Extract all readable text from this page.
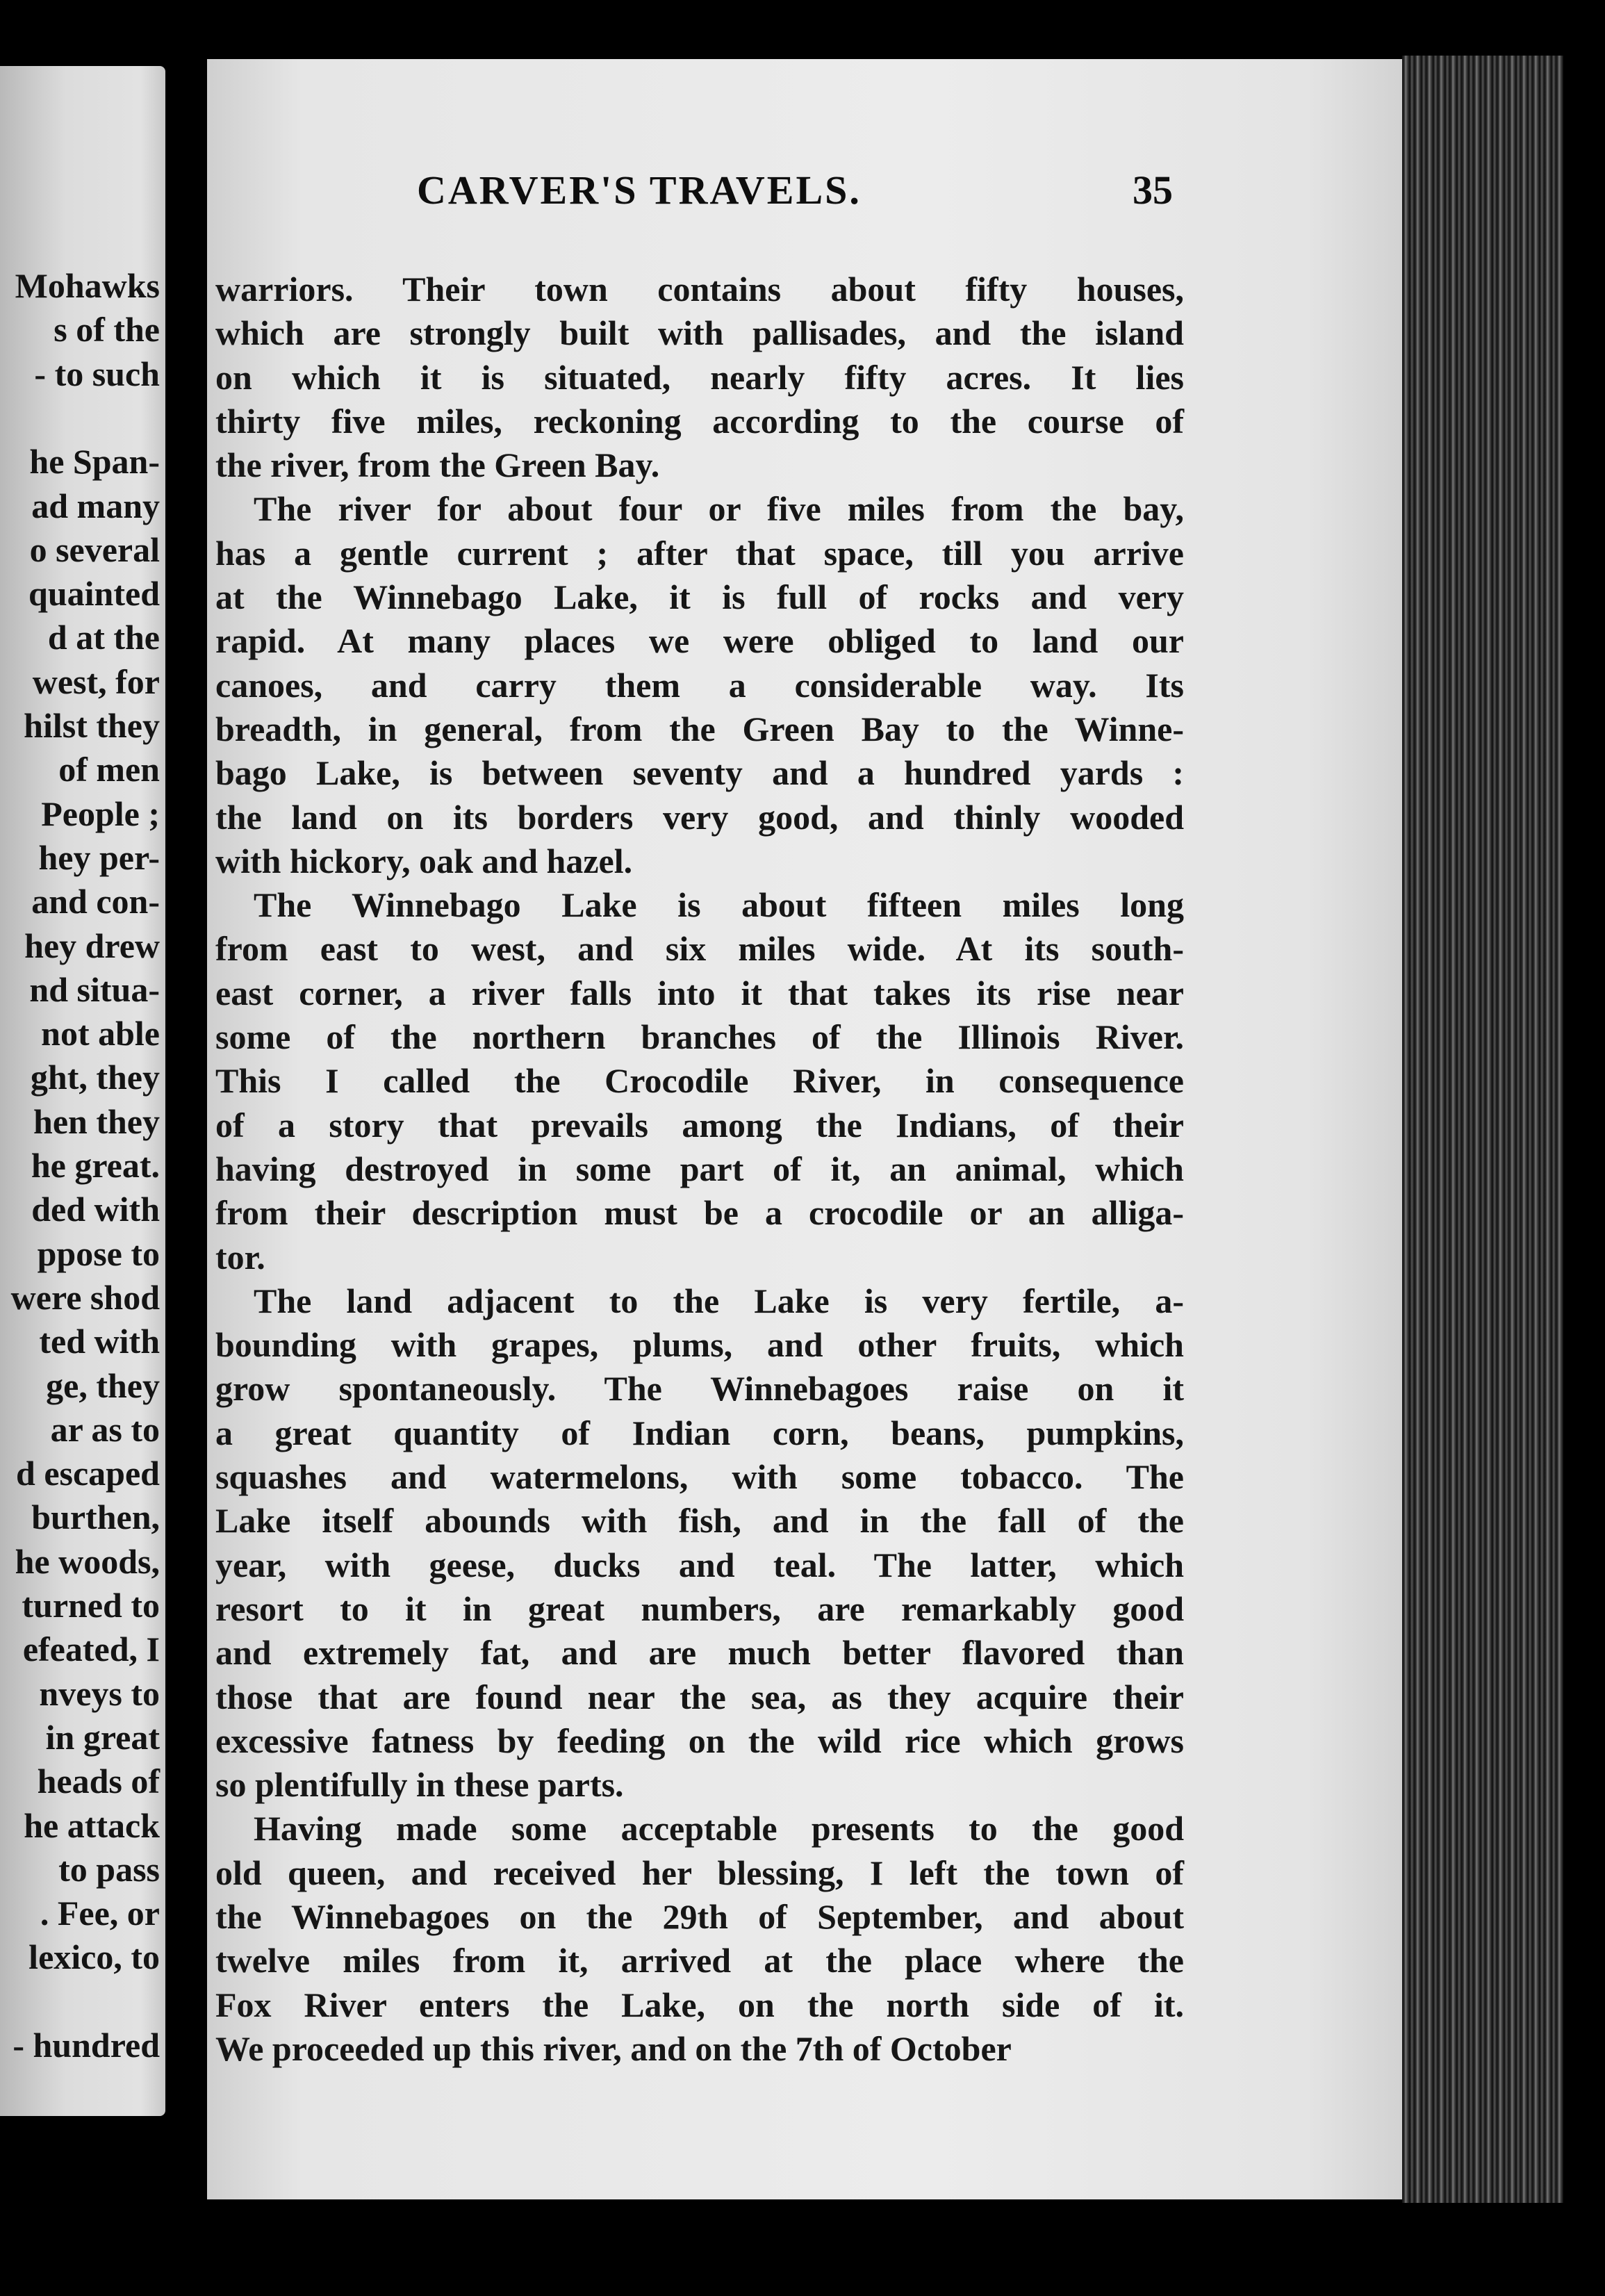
Mohawks
s of the
- to such
he Span-
ad many
o several
quainted
d at the
west, for
hilst they
of men
People ;
hey per-
and con-
hey drew
nd situa-
not able
ght, they
hen they
he great.
ded with
ppose to
were shod
ted with
ge, they
ar as to
d escaped
burthen,
he woods,
turned to
efeated, I
nveys to
in great
heads of
he attack
to pass
. Fee, or
lexico, to
- hundred
CARVER'S TRAVELS.	35
warriors. Their town contains about fifty houses,
which are strongly built with pallisades, and the island
on which it is situated, nearly fifty acres. It lies
thirty five miles, reckoning according to the course of
the river, from the Green Bay.
The river for about four or five miles from the bay,
has a gentle current ; after that space, till you arrive
at the Winnebago Lake, it is full of rocks and very
rapid. At many places we were obliged to land our
canoes, and carry them a considerable way. Its
breadth, in general, from the Green Bay to the Winne-
bago Lake, is between seventy and a hundred yards :
the land on its borders very good, and thinly wooded
with hickory, oak and hazel.
The Winnebago Lake is about fifteen miles long
from east to west, and six miles wide. At its south-
east corner, a river falls into it that takes its rise near
some of the northern branches of the Illinois River.
This I called the Crocodile River, in consequence
of a story that prevails among the Indians, of their
having destroyed in some part of it, an animal, which
from their description must be a crocodile or an alliga-
tor.
The land adjacent to the Lake is very fertile, a-
bounding with grapes, plums, and other fruits, which
grow spontaneously. The Winnebagoes raise on it
a great quantity of Indian corn, beans, pumpkins,
squashes and watermelons, with some tobacco. The
Lake itself abounds with fish, and in the fall of the
year, with geese, ducks and teal. The latter, which
resort to it in great numbers, are remarkably good
and extremely fat, and are much better flavored than
those that are found near the sea, as they acquire their
excessive fatness by feeding on the wild rice which grows
so plentifully in these parts.
Having made some acceptable presents to the good
old queen, and received her blessing, I left the town of
the Winnebagoes on the 29th of September, and about
twelve miles from it, arrived at the place where the
Fox River enters the Lake, on the north side of it.
We proceeded up this river, and on the 7th of October
